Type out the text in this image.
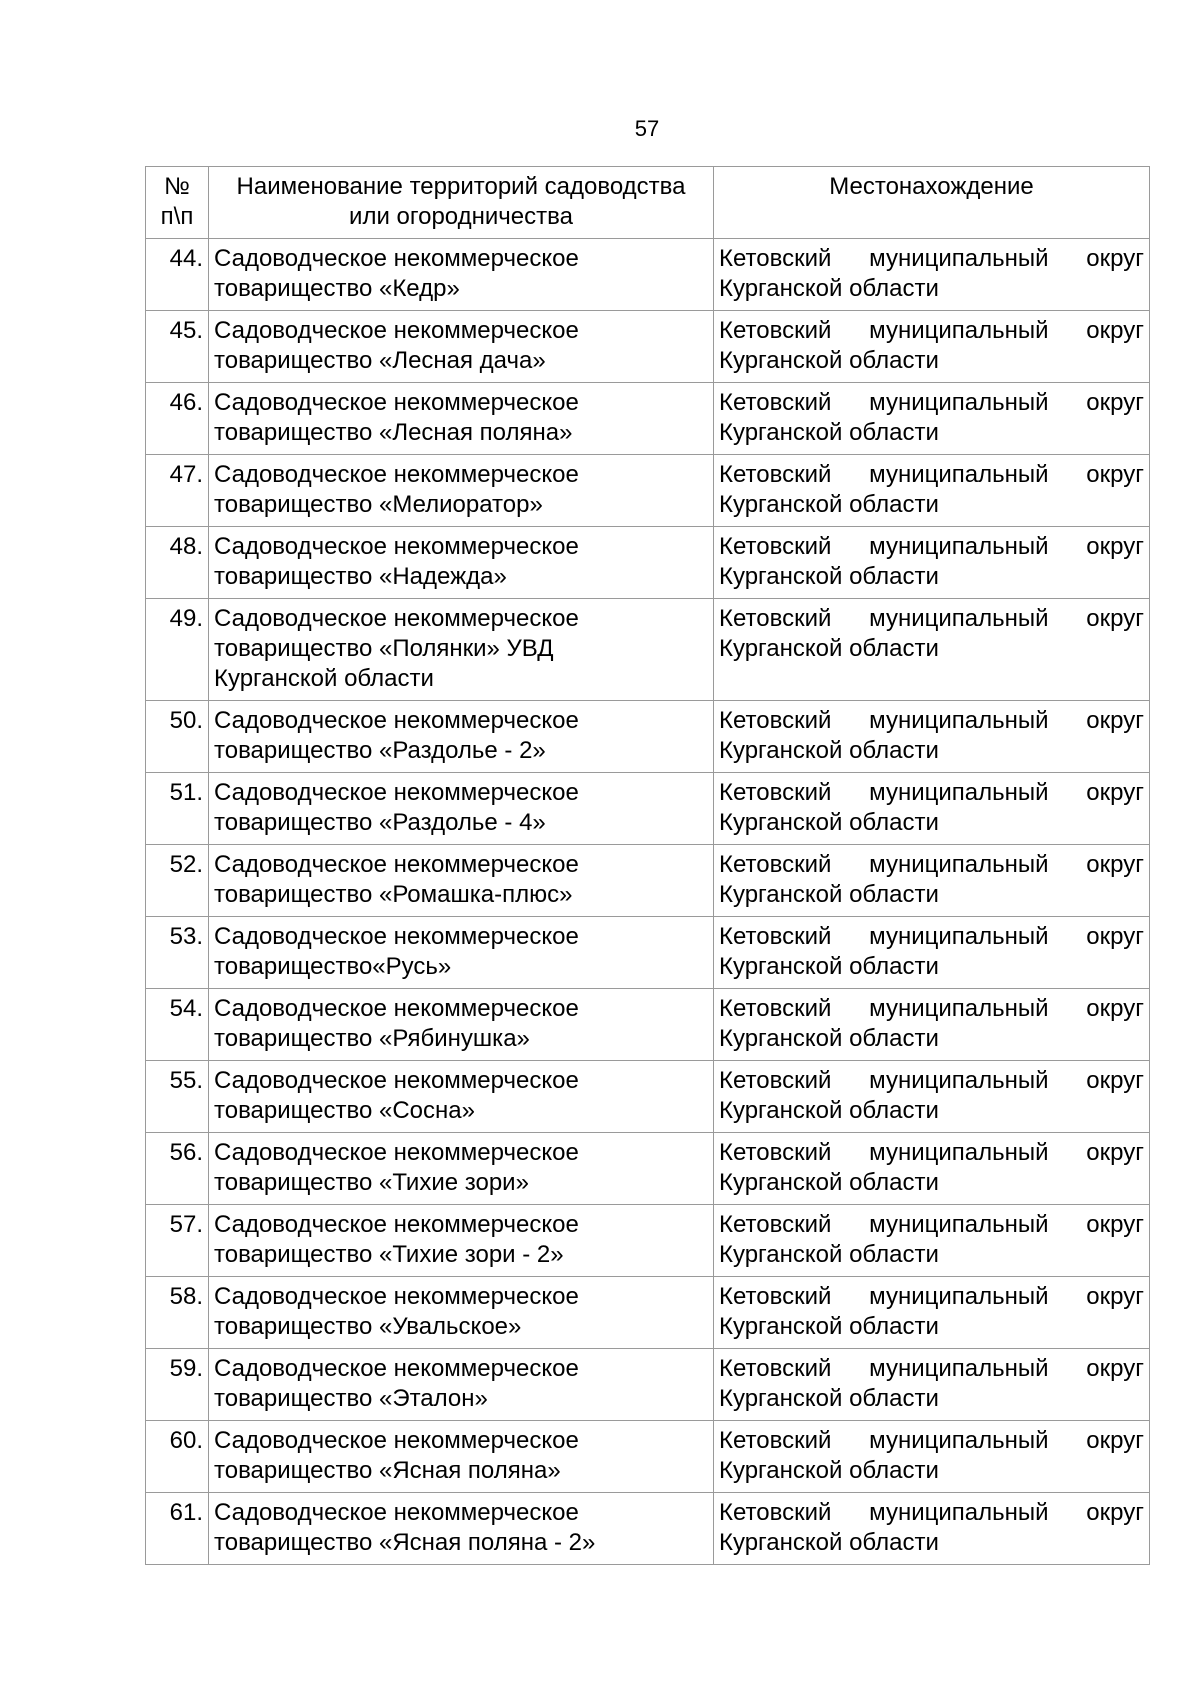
57
№
п\п	Наименование территорий садоводства
или огородничества	Местонахождение

44.	Садоводческое некоммерческое
товарищество «Кедр»	Кетовский муниципальный округ
Курганской области

45.	Садоводческое некоммерческое
товарищество «Лесная дача»	Кетовский муниципальный округ
Курганской области

46.	Садоводческое некоммерческое
товарищество «Лесная поляна»	Кетовский муниципальный округ
Курганской области

47.	Садоводческое некоммерческое
товарищество «Мелиоратор»	Кетовский муниципальный округ
Курганской области

48.	Садоводческое некоммерческое
товарищество «Надежда»	Кетовский муниципальный округ
Курганской области

49.	Садоводческое некоммерческое
товарищество «Полянки» УВД
Курганской области	Кетовский муниципальный округ
Курганской области

50.	Садоводческое некоммерческое
товарищество «Раздолье - 2»	Кетовский муниципальный округ
Курганской области

51.	Садоводческое некоммерческое
товарищество «Раздолье - 4»	Кетовский муниципальный округ
Курганской области

52.	Садоводческое некоммерческое
товарищество «Ромашка-плюс»	Кетовский муниципальный округ
Курганской области

53.	Садоводческое некоммерческое
товарищество«Русь»	Кетовский муниципальный округ
Курганской области

54.	Садоводческое некоммерческое
товарищество «Рябинушка»	Кетовский муниципальный округ
Курганской области

55.	Садоводческое некоммерческое
товарищество «Сосна»	Кетовский муниципальный округ
Курганской области

56.	Садоводческое некоммерческое
товарищество «Тихие зори»	Кетовский муниципальный округ
Курганской области

57.	Садоводческое некоммерческое
товарищество «Тихие зори - 2»	Кетовский муниципальный округ
Курганской области

58.	Садоводческое некоммерческое
товарищество «Увальское»	Кетовский муниципальный округ
Курганской области

59.	Садоводческое некоммерческое
товарищество «Эталон»	Кетовский муниципальный округ
Курганской области

60.	Садоводческое некоммерческое
товарищество «Ясная поляна»	Кетовский муниципальный округ
Курганской области

61.	Садоводческое некоммерческое
товарищество «Ясная поляна - 2»	Кетовский муниципальный округ
Курганской области
